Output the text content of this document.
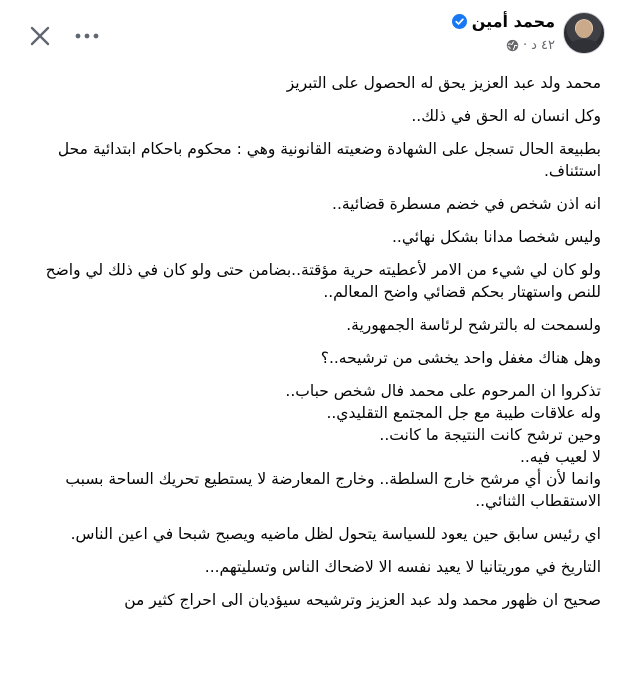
محمد أمين
٤٢ د
·

محمد ولد عبد العزيز يحق له الحصول على التبريز

وكل انسان له الحق في ذلك..

بطبيعة الحال تسجل على الشهادة وضعيته القانونية وهي : محكوم باحكام ابتدائية محل استئناف.

انه اذن شخص في خضم مسطرة قضائية..

وليس شخصا مدانا بشكل نهائي..

ولو كان لي شيء من الامر لأعطيته حرية مؤقتة..بضامن حتى ولو كان في ذلك لي واضح للنص واستهتار بحكم قضائي واضح المعالم..

ولسمحت له بالترشح لرئاسة الجمهورية.

وهل هناك مغفل واحد يخشى من ترشيحه..؟

تذكروا ان المرحوم على محمد فال شخص حباب..
وله علاقات طيبة مع جل المجتمع التقليدي..
وحين ترشح كانت النتيجة ما كانت..
لا لعيب فيه..
وانما لأن أي مرشح خارج السلطة.. وخارج المعارضة لا يستطيع تحريك الساحة بسبب الاستقطاب الثنائي..

اي رئيس سابق حين يعود للسياسة يتحول لظل ماضيه ويصبح شبحا في اعين الناس.

التاريخ في موريتانيا لا يعيد نفسه الا لاضحاك الناس وتسليتهم...

صحيح ان ظهور محمد ولد عبد العزيز وترشيحه سيؤديان الى احراج كثير من
